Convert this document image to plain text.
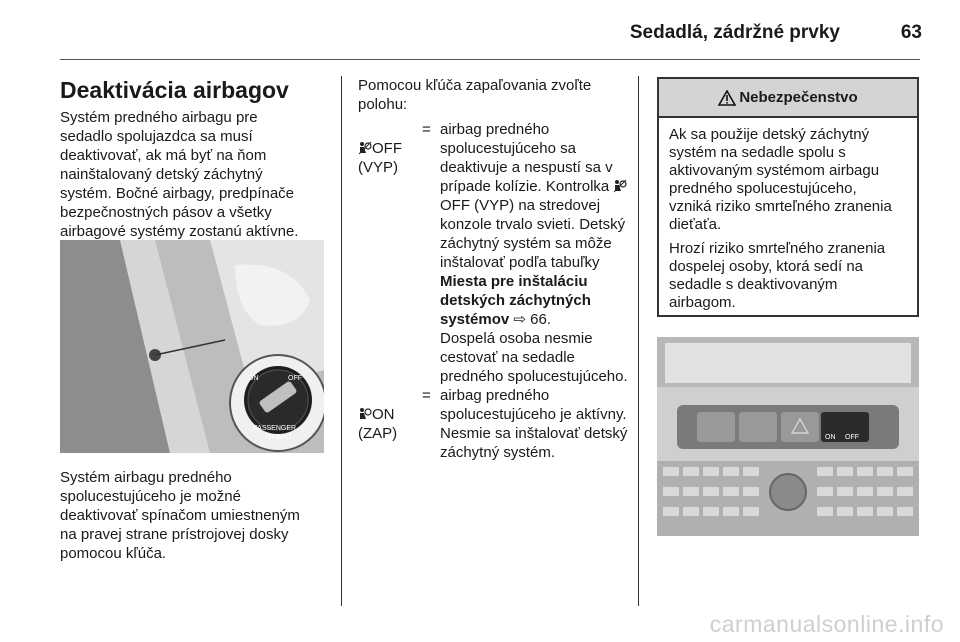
Sedadlá, zádržné prvky	63
Deaktivácia airbagov
Systém predného airbagu pre
sedadlo spolujazdca sa musí
deaktivovať, ak má byť na ňom
nainštalovaný detský záchytný
systém. Bočné airbagy, predpínače
bezpečnostných pásov a všetky
airbagové systémy zostanú aktívne.
ON	OFF
PASSENGER
AIRBAG
Systém airbagu predného
spolucestujúceho je možné
deaktivovať spínačom umiestneným
na pravej strane prístrojovej dosky
pomocou kľúča.
Pomocou kľúča zapaľovania zvoľte
polohu:

OFF
(VYP)

= airbag predného spolucestujúceho sa deaktivuje a nespustí sa v prípade kolízie. Kontrolka OFF (VYP) na stredovej konzole trvalo svieti. Detský záchytný systém sa môže inštalovať podľa tabuľky Miesta pre inštaláciu detských záchytných systémov ⇨ 66.
Dospelá osoba nesmie cestovať na sedadle predného spolucestujúceho.

ON
(ZAP)

= airbag predného spolucestujúceho je aktívny. Nesmie sa inštalovať detský záchytný systém.
Nebezpečenstvo
Ak sa použije detský záchytný
systém na sedadle spolu s
aktivovaným systémom airbagu
predného spolucestujúceho,
vzniká riziko smrteľného zranenia
dieťaťa.
Hrozí riziko smrteľného zranenia
dospelej osoby, ktorá sedí na
sedadle s deaktivovaným
airbagom.
ON OFF
carmanualsonline.info
